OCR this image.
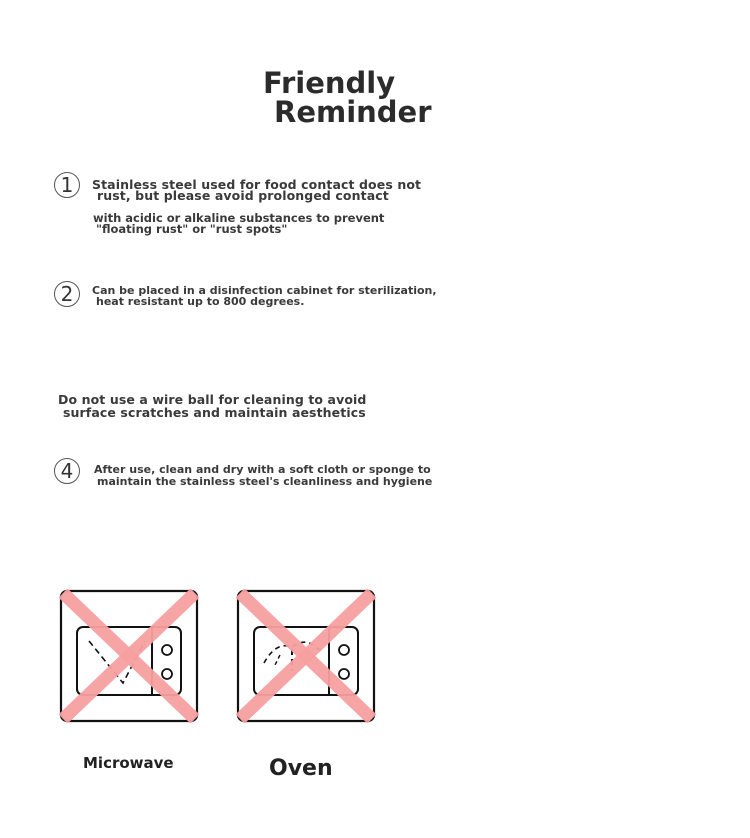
Friendly
Reminder
1	Stainless steel used for food contact does not
rust, but please avoid prolonged contact
with acidic or alkaline substances to prevent
"floating rust" or "rust spots"
2	Can be placed in a disinfection cabinet for sterilization,
heat resistant up to 800 degrees.
Do not use a wire ball for cleaning to avoid
surface scratches and maintain aesthetics
4	After use, clean and dry with a soft cloth or sponge to
maintain the stainless steel's cleanliness and hygiene
Microwave	Oven
